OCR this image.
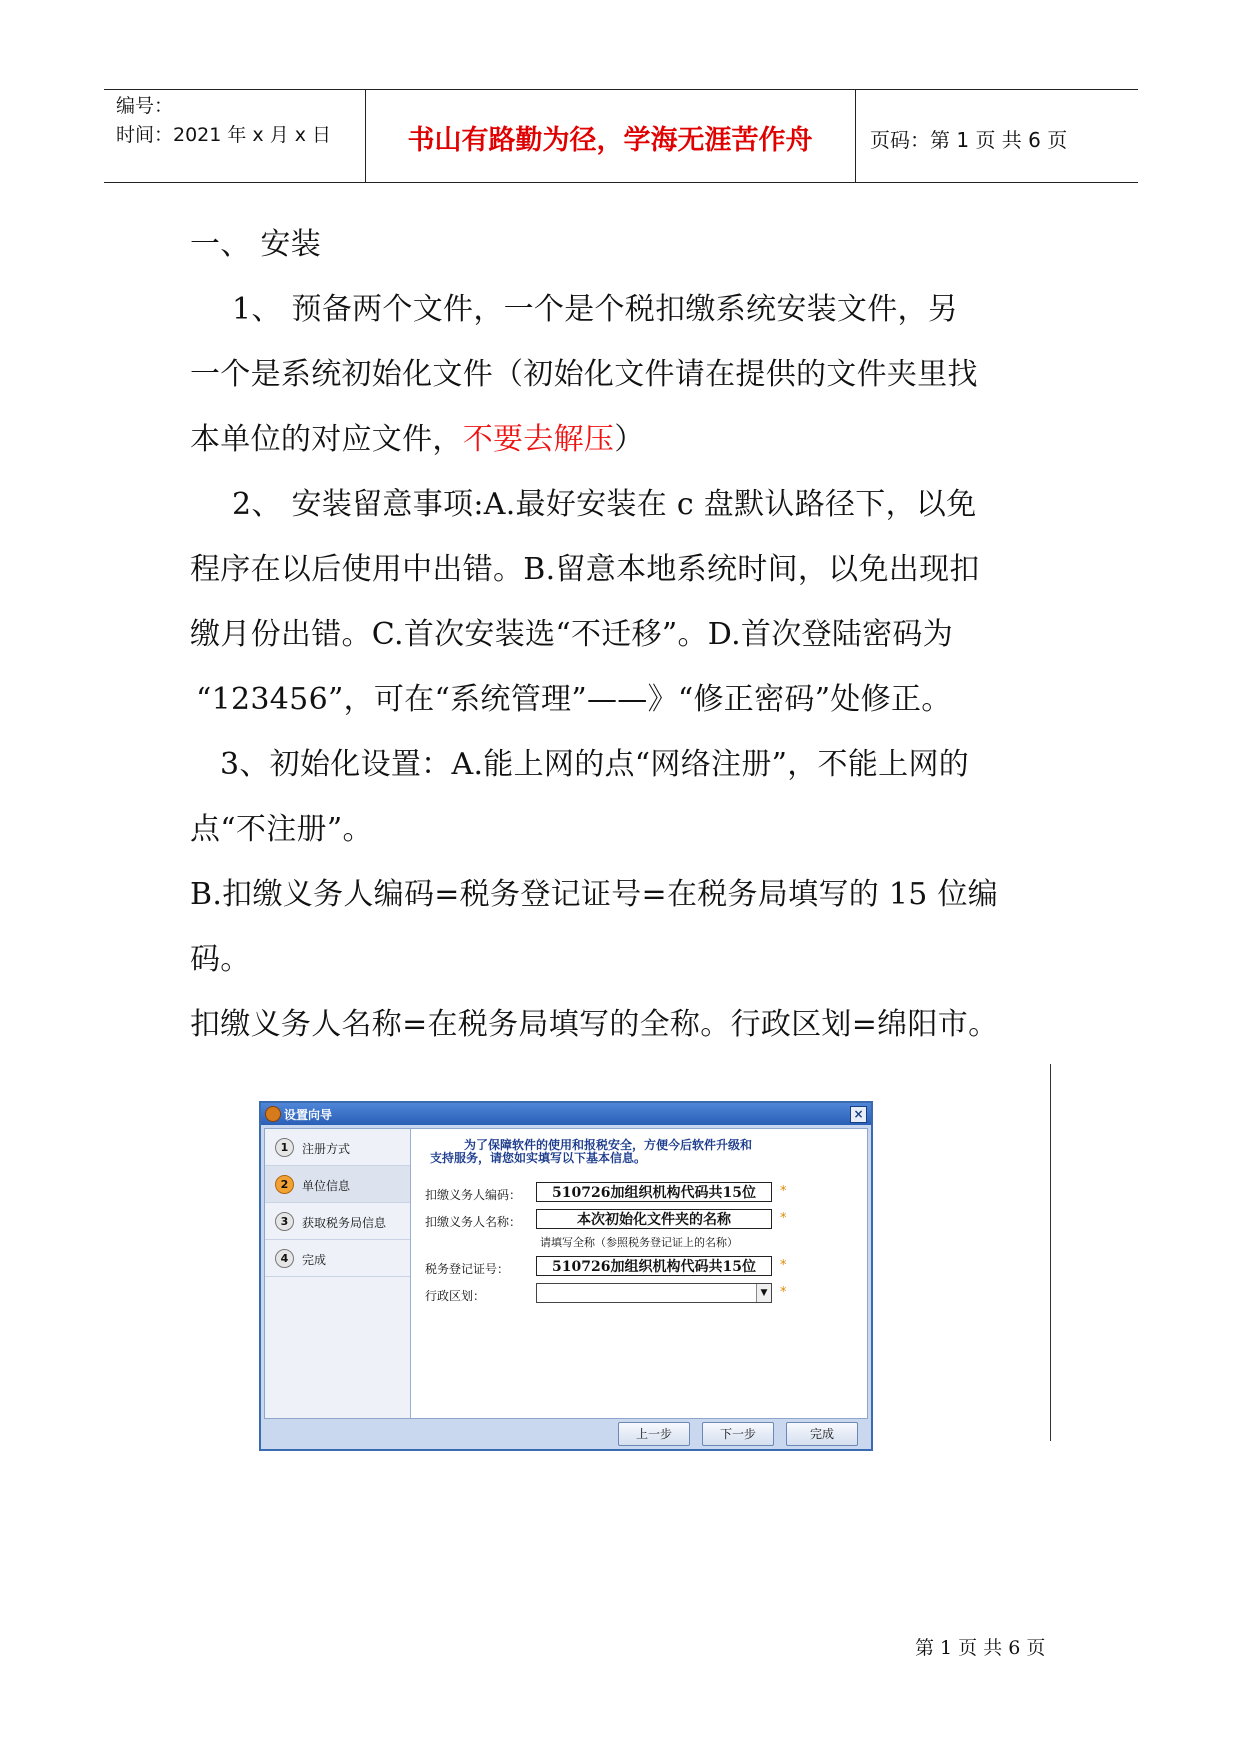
编号：
时间：2021 年 x 月 x 日	书山有路勤为径，学海无涯苦作舟	页码：第 1 页 共 6 页
一、 安装
1、 预备两个文件，一个是个税扣缴系统安装文件，另
一个是系统初始化文件（初始化文件请在提供的文件夹里找
本单位的对应文件，不要去解压）
2、 安装留意事项:A.最好安装在 c 盘默认路径下，以免
程序在以后使用中出错。B.留意本地系统时间，以免出现扣
缴月份出错。C.首次安装选“不迁移”。D.首次登陆密码为
“123456”，可在“系统管理”——》“修正密码”处修正。
3、初始化设置：A.能上网的点“网络注册”，不能上网的
点“不注册”。
B.扣缴义务人编码=税务登记证号=在税务局填写的 15 位编
码。
扣缴义务人名称=在税务局填写的全称。行政区划=绵阳市。
设置向导	×
1	注册方式
2	单位信息
3	获取税务局信息
4	完成
为了保障软件的使用和报税安全，方便今后软件升级和
支持服务，请您如实填写以下基本信息。
扣缴义务人编码：	510726加组织机构代码共15位	*
扣缴义务人名称：	本次初始化文件夹的名称	*
请填写全称（参照税务登记证上的名称）
税务登记证号：	510726加组织机构代码共15位	*
行政区划：	▼ *
上一步	下一步	完成
第 1 页 共 6 页
